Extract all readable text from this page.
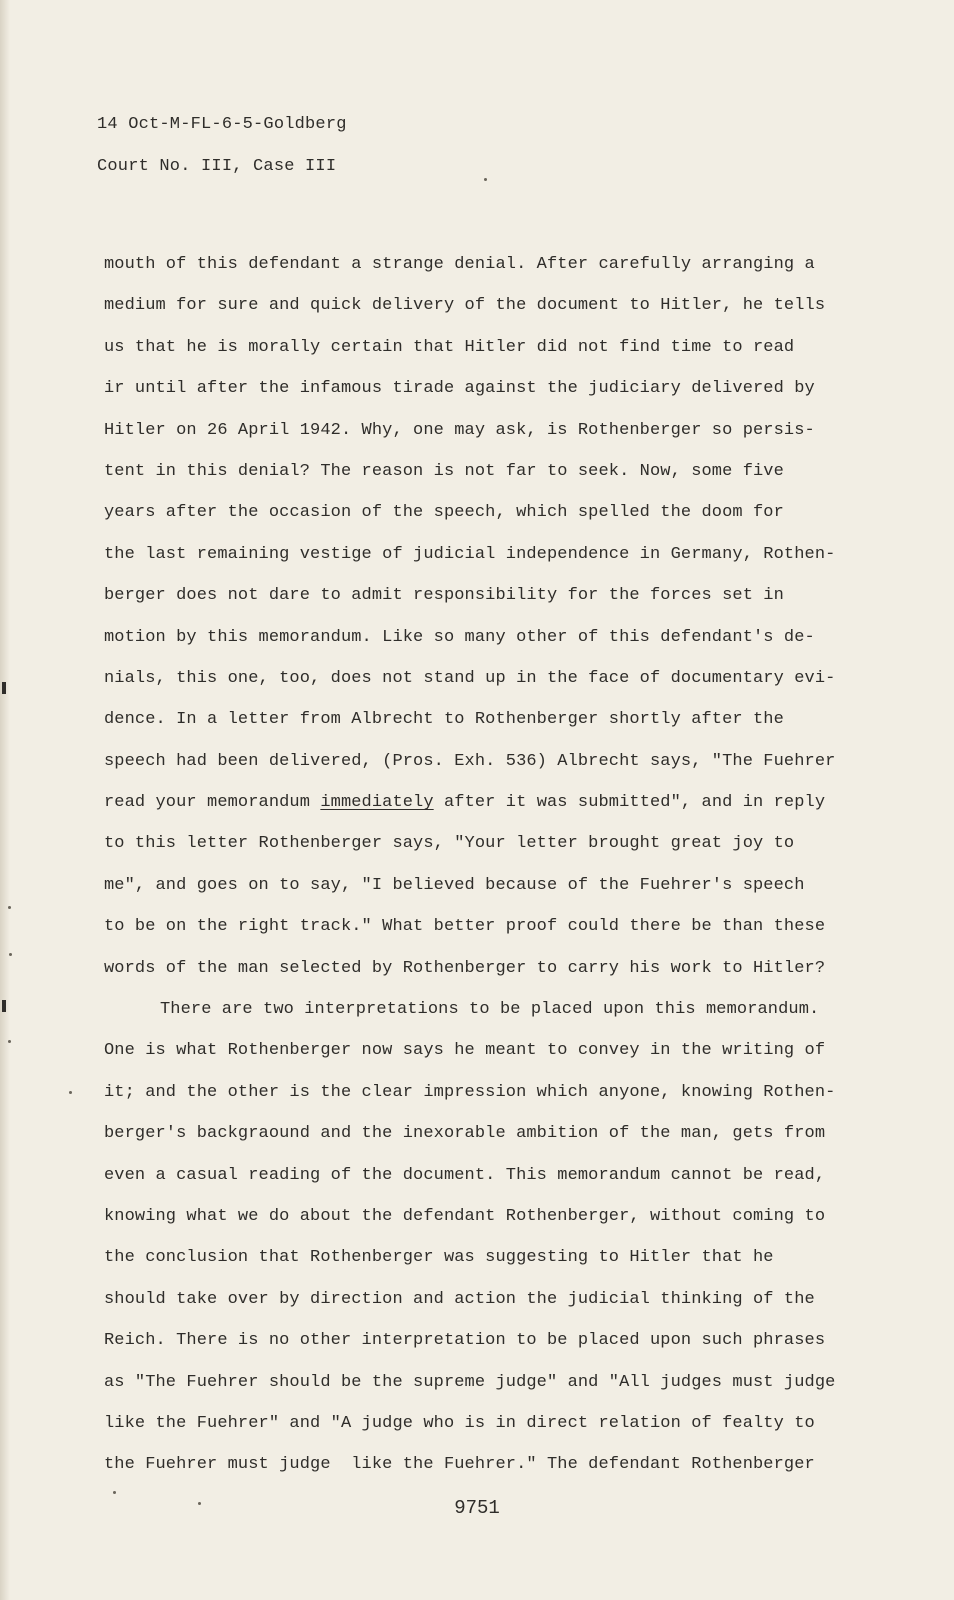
14 Oct-M-FL-6-5-Goldberg
Court No. III, Case III
mouth of this defendant a strange denial. After carefully arranging a
medium for sure and quick delivery of the document to Hitler, he tells
us that he is morally certain that Hitler did not find time to read
ir until after the infamous tirade against the judiciary delivered by
Hitler on 26 April 1942. Why, one may ask, is Rothenberger so persis-
tent in this denial? The reason is not far to seek. Now, some five
years after the occasion of the speech, which spelled the doom for
the last remaining vestige of judicial independence in Germany, Rothen-
berger does not dare to admit responsibility for the forces set in
motion by this memorandum. Like so many other of this defendant's de-
nials, this one, too, does not stand up in the face of documentary evi-
dence. In a letter from Albrecht to Rothenberger shortly after the
speech had been delivered, (Pros. Exh. 536) Albrecht says, "The Fuehrer
read your memorandum immediately after it was submitted", and in reply
to this letter Rothenberger says, "Your letter brought great joy to
me", and goes on to say, "I believed because of the Fuehrer's speech
to be on the right track." What better proof could there be than these
words of the man selected by Rothenberger to carry his work to Hitler?
There are two interpretations to be placed upon this memorandum.
One is what Rothenberger now says he meant to convey in the writing of
it; and the other is the clear impression which anyone, knowing Rothen-
berger's backgraound and the inexorable ambition of the man, gets from
even a casual reading of the document. This memorandum cannot be read,
knowing what we do about the defendant Rothenberger, without coming to
the conclusion that Rothenberger was suggesting to Hitler that he
should take over by direction and action the judicial thinking of the
Reich. There is no other interpretation to be placed upon such phrases
as "The Fuehrer should be the supreme judge" and "All judges must judge
like the Fuehrer" and "A judge who is in direct relation of fealty to
the Fuehrer must judge  like the Fuehrer." The defendant Rothenberger
9751
